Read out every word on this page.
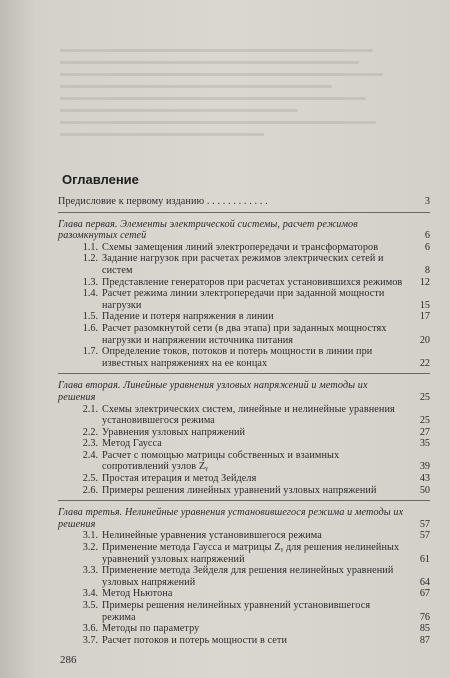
Оглавление
Предисловие к первому изданию . . . . . . . . . . . .	3
Глава первая. Элементы электрической системы, расчет режимов разомкнутых сетей	6
1.1. Схемы замещения линий электропередачи и трансформаторов	6
1.2. Задание нагрузок при расчетах режимов электрических сетей и систем	8
1.3. Представление генераторов при расчетах установившихся режимов	12
1.4. Расчет режима линии электропередачи при заданной мощности нагрузки	15
1.5. Падение и потеря напряжения в линии	17
1.6. Расчет разомкнутой сети (в два этапа) при заданных мощностях нагрузки и напряжении источника питания	20
1.7. Определение токов, потоков и потерь мощности в линии при известных напряжениях на ее концах	22
Глава вторая. Линейные уравнения узловых напряжений и методы их решения	25
2.1. Схемы электрических систем, линейные и нелинейные уравнения установившегося режима	25
2.2. Уравнения узловых напряжений	27
2.3. Метод Гаусса	35
2.4. Расчет с помощью матрицы собственных и взаимных сопротивлений узлов Zᵧ	39
2.5. Простая итерация и метод Зейделя	43
2.6. Примеры решения линейных уравнений узловых напряжений	50
Глава третья. Нелинейные уравнения установившегося режима и методы их решения	57
3.1. Нелинейные уравнения установившегося режима	57
3.2. Применение метода Гаусса и матрицы Zᵧ для решения нелинейных уравнений узловых напряжений	61
3.3. Применение метода Зейделя для решения нелинейных уравнений узловых напряжений	64
3.4. Метод Ньютона	67
3.5. Примеры решения нелинейных уравнений установившегося режима	76
3.6. Методы по параметру	85
3.7. Расчет потоков и потерь мощности в сети	87
286
